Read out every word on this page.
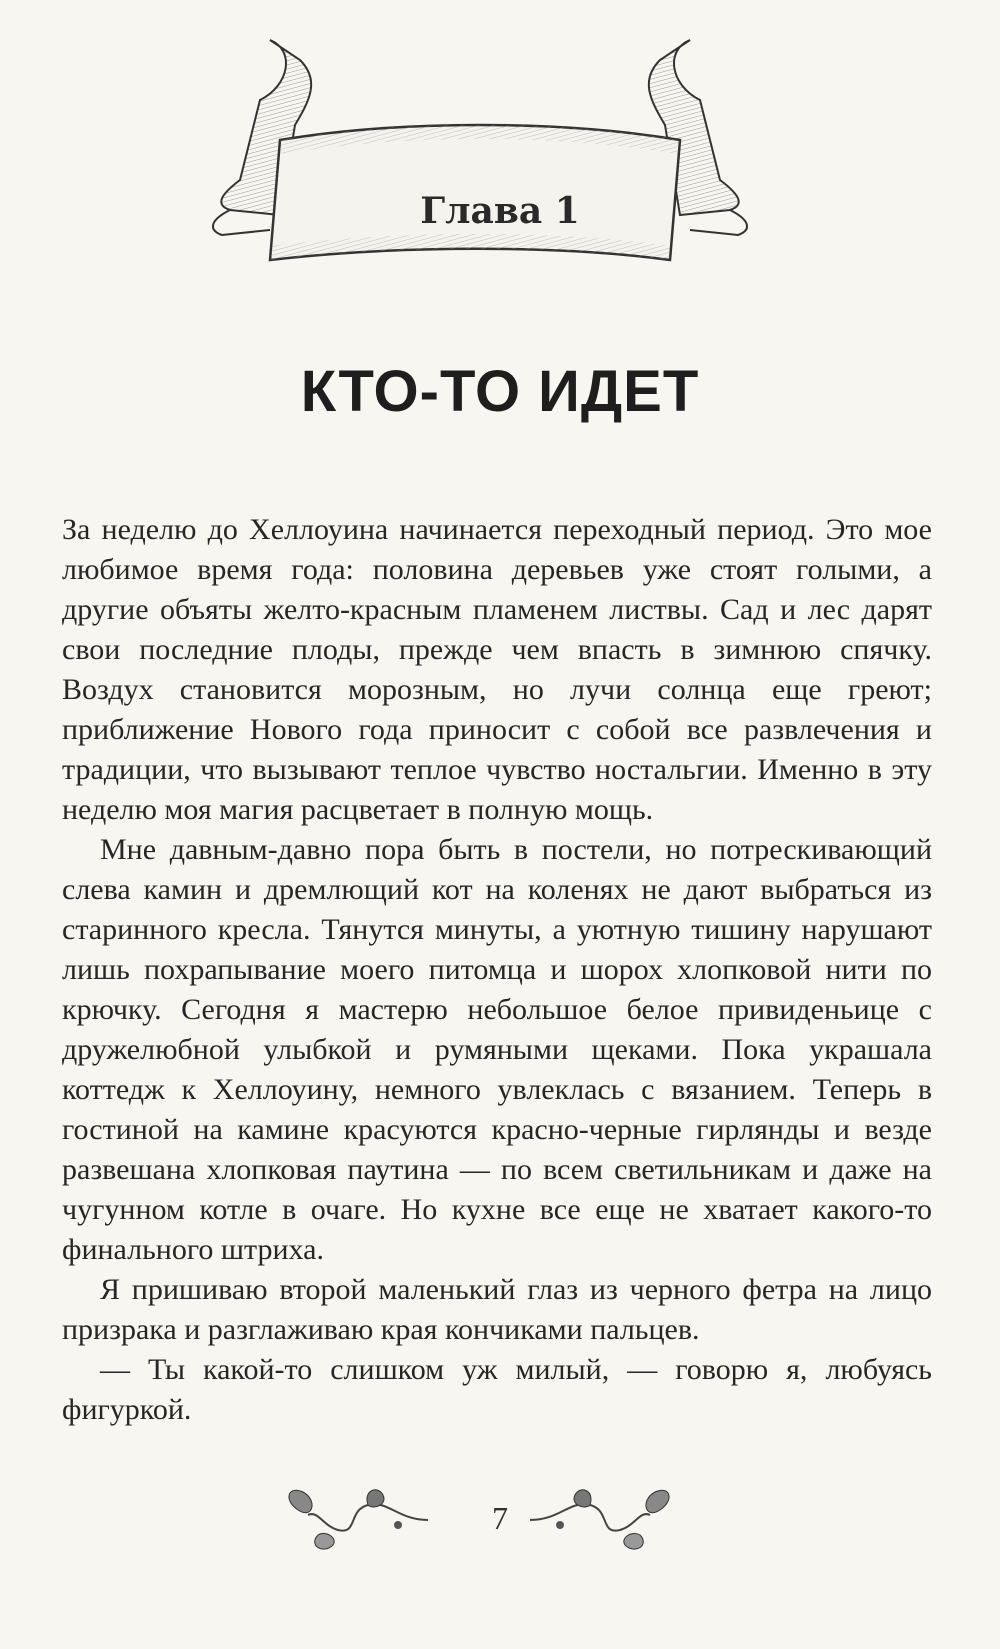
Глава 1
КТО-ТО ИДЕТ

За неделю до Хеллоуина начинается переходный период. Это мое любимое время года: половина деревьев уже стоят голыми, а другие объяты желто-красным пламенем листвы. Сад и лес дарят свои последние плоды, прежде чем впасть в зимнюю спячку. Воздух становится морозным, но лучи солнца еще греют; приближение Нового года приносит с собой все развлечения и традиции, что вызывают теплое чувство ностальгии. Именно в эту неделю моя магия расцветает в полную мощь.

Мне давным-давно пора быть в постели, но потрескивающий слева камин и дремлющий кот на коленях не дают выбраться из старинного кресла. Тянутся минуты, а уютную тишину нарушают лишь похрапывание моего питомца и шорох хлопковой нити по крючку. Сегодня я мастерю небольшое белое привиденьице с дружелюбной улыбкой и румяными щеками. Пока украшала коттедж к Хеллоуину, немного увлеклась с вязанием. Теперь в гостиной на камине красуются красно-черные гирлянды и везде развешана хлопковая паутина — по всем светильникам и даже на чугунном котле в очаге. Но кухне все еще не хватает какого-то финального штриха.

Я пришиваю второй маленький глаз из черного фетра на лицо призрака и разглаживаю края кончиками пальцев.

— Ты какой-то слишком уж милый, — говорю я, любуясь фигуркой.

7
